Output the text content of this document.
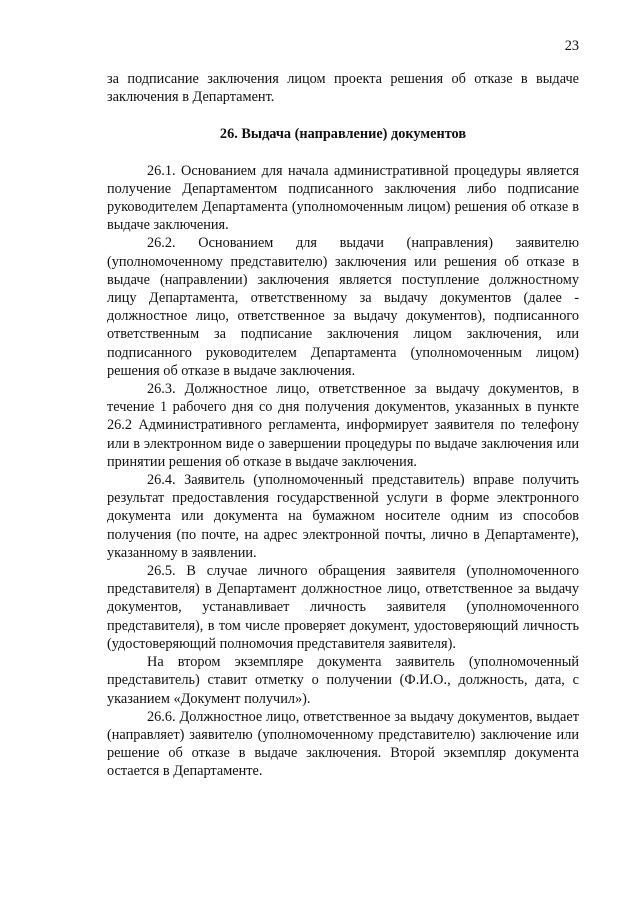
23

за подписание заключения лицом проекта решения об отказе в выдаче заключения в Департамент.

26. Выдача (направление) документов

26.1. Основанием для начала административной процедуры является получение Департаментом подписанного заключения либо подписание руководителем Департамента (уполномоченным лицом) решения об отказе в выдаче заключения.

26.2. Основанием для выдачи (направления) заявителю (уполномоченному представителю) заключения или решения об отказе в выдаче (направлении) заключения является поступление должностному лицу Департамента, ответственному за выдачу документов (далее - должностное лицо, ответственное за выдачу документов), подписанного ответственным за подписание заключения лицом заключения, или подписанного руководителем Департамента (уполномоченным лицом) решения об отказе в выдаче заключения.

26.3. Должностное лицо, ответственное за выдачу документов, в течение 1 рабочего дня со дня получения документов, указанных в пункте 26.2 Административного регламента, информирует заявителя по телефону или в электронном виде о завершении процедуры по выдаче заключения или принятии решения об отказе в выдаче заключения.

26.4. Заявитель (уполномоченный представитель) вправе получить результат предоставления государственной услуги в форме электронного документа или документа на бумажном носителе одним из способов получения (по почте, на адрес электронной почты, лично в Департаменте), указанному в заявлении.

26.5. В случае личного обращения заявителя (уполномоченного представителя) в Департамент должностное лицо, ответственное за выдачу документов, устанавливает личность заявителя (уполномоченного представителя), в том числе проверяет документ, удостоверяющий личность (удостоверяющий полномочия представителя заявителя).

На втором экземпляре документа заявитель (уполномоченный представитель) ставит отметку о получении (Ф.И.О., должность, дата, с указанием «Документ получил»).

26.6. Должностное лицо, ответственное за выдачу документов, выдает (направляет) заявителю (уполномоченному представителю) заключение или решение об отказе в выдаче заключения. Второй экземпляр документа остается в Департаменте.
